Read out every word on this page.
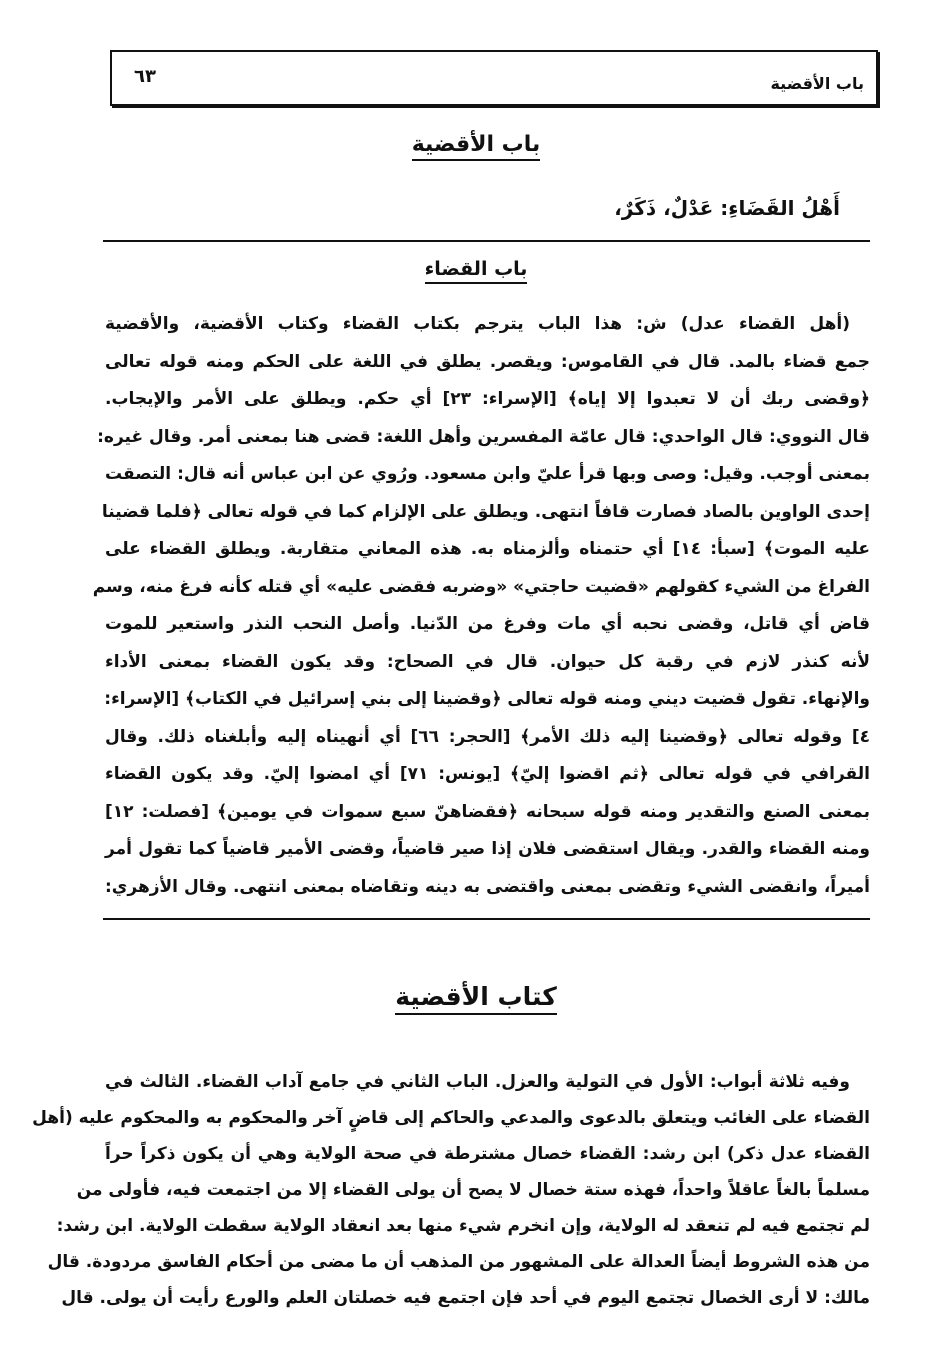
باب الأقضية
٦٣
باب الأقضية
أَهْلُ القَضَاءِ: عَدْلٌ، ذَكَرٌ،
باب القضاء
(أهل القضاء عدل) ش: هذا الباب يترجم بكتاب القضاء وكتاب الأقضية، والأقضية
جمع قضاء بالمد. قال في القاموس: ويقصر. يطلق في اللغة على الحكم ومنه قوله تعالى
﴿وقضى ربك أن لا تعبدوا إلا إياه﴾ [الإسراء: ٢٣] أي حكم. ويطلق على الأمر والإيجاب.
قال النووي: قال الواحدي: قال عامّة المفسرين وأهل اللغة: قضى هنا بمعنى أمر. وقال غيره:
بمعنى أوجب. وقيل: وصى وبها قرأ عليّ وابن مسعود. ورُوي عن ابن عباس أنه قال: التصقت
إحدى الواوين بالصاد فصارت قافاً انتهى. ويطلق على الإلزام كما في قوله تعالى ﴿فلما قضينا
عليه الموت﴾ [سبأ: ١٤] أي حتمناه وألزمناه به. هذه المعاني متقاربة. ويطلق القضاء على
الفراغ من الشيء كقولهم «قضيت حاجتي» «وضربه فقضى عليه» أي قتله كأنه فرغ منه، وسم
قاض أي قاتل، وقضى نحبه أي مات وفرغ من الدّنيا. وأصل النحب النذر واستعير للموت
لأنه كنذر لازم في رقبة كل حيوان. قال في الصحاح: وقد يكون القضاء بمعنى الأداء
والإنهاء. تقول قضيت ديني ومنه قوله تعالى ﴿وقضينا إلى بني إسرائيل في الكتاب﴾ [الإسراء:
٤] وقوله تعالى ﴿وقضينا إليه ذلك الأمر﴾ [الحجر: ٦٦] أي أنهيناه إليه وأبلغناه ذلك. وقال
القرافي في قوله تعالى ﴿ثم اقضوا إليّ﴾ [يونس: ٧١] أي امضوا إليّ. وقد يكون القضاء
بمعنى الصنع والتقدير ومنه قوله سبحانه ﴿فقضاهنّ سبع سموات في يومين﴾ [فصلت: ١٢]
ومنه القضاء والقدر. ويقال استقضى فلان إذا صير قاضياً، وقضى الأمير قاضياً كما تقول أمر
أميراً، وانقضى الشيء وتقضى بمعنى واقتضى به دينه وتقاضاه بمعنى انتهى. وقال الأزهري:
كتاب الأقضية
وفيه ثلاثة أبواب: الأول في التولية والعزل. الباب الثاني في جامع آداب القضاء. الثالث في
القضاء على الغائب ويتعلق بالدعوى والمدعي والحاكم إلى قاضٍ آخر والمحكوم به والمحكوم عليه (أهل
القضاء عدل ذكر) ابن رشد: القضاء خصال مشترطة في صحة الولاية وهي أن يكون ذكراً حراً
مسلماً بالغاً عاقلاً واحداً، فهذه ستة خصال لا يصح أن يولى القضاء إلا من اجتمعت فيه، فأولى من
لم تجتمع فيه لم تنعقد له الولاية، وإن انخرم شيء منها بعد انعقاد الولاية سقطت الولاية. ابن رشد:
من هذه الشروط أيضاً العدالة على المشهور من المذهب أن ما مضى من أحكام الفاسق مردودة. قال
مالك: لا أرى الخصال تجتمع اليوم في أحد فإن اجتمع فيه خصلتان العلم والورع رأيت أن يولى. قال
